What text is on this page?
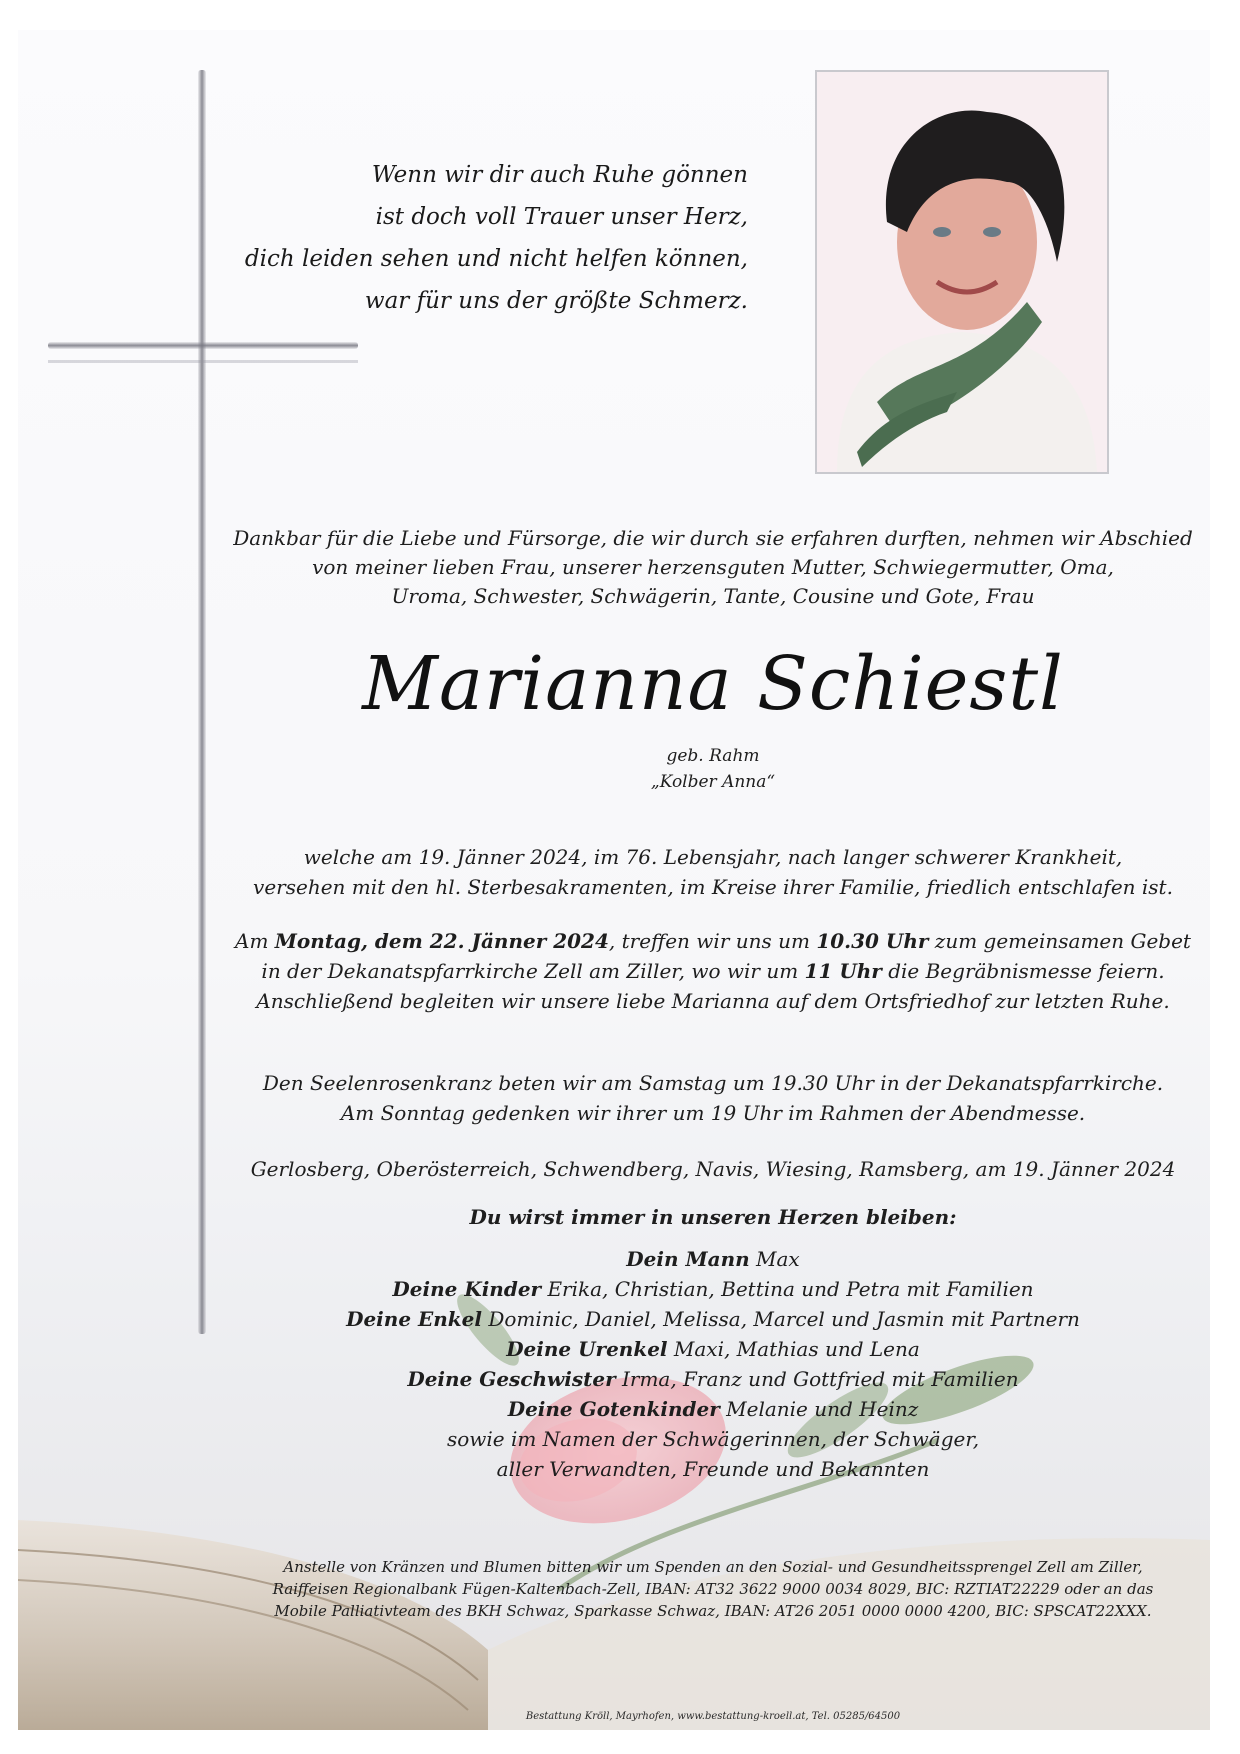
Wenn wir dir auch Ruhe gönnen
ist doch voll Trauer unser Herz,
dich leiden sehen und nicht helfen können,
war für uns der größte Schmerz.
Dankbar für die Liebe und Fürsorge, die wir durch sie erfahren durften, nehmen wir Abschied
von meiner lieben Frau, unserer herzensguten Mutter, Schwiegermutter, Oma,
Uroma, Schwester, Schwägerin, Tante, Cousine und Gote, Frau
Marianna Schiestl
geb. Rahm
„Kolber Anna“
welche am 19. Jänner 2024, im 76. Lebensjahr, nach langer schwerer Krankheit,
versehen mit den hl. Sterbesakramenten, im Kreise ihrer Familie, friedlich entschlafen ist.
Am Montag, dem 22. Jänner 2024, treffen wir uns um 10.30 Uhr zum gemeinsamen Gebet
in der Dekanatspfarrkirche Zell am Ziller, wo wir um 11 Uhr die Begräbnismesse feiern.
Anschließend begleiten wir unsere liebe Marianna auf dem Ortsfriedhof zur letzten Ruhe.
Den Seelenrosenkranz beten wir am Samstag um 19.30 Uhr in der Dekanatspfarrkirche.
Am Sonntag gedenken wir ihrer um 19 Uhr im Rahmen der Abendmesse.
Gerlosberg, Oberösterreich, Schwendberg, Navis, Wiesing, Ramsberg, am 19. Jänner 2024
Du wirst immer in unseren Herzen bleiben:
Dein Mann Max
Deine Kinder Erika, Christian, Bettina und Petra mit Familien
Deine Enkel Dominic, Daniel, Melissa, Marcel und Jasmin mit Partnern
Deine Urenkel Maxi, Mathias und Lena
Deine Geschwister Irma, Franz und Gottfried mit Familien
Deine Gotenkinder Melanie und Heinz
sowie im Namen der Schwägerinnen, der Schwäger,
aller Verwandten, Freunde und Bekannten
Anstelle von Kränzen und Blumen bitten wir um Spenden an den Sozial- und Gesundheitssprengel Zell am Ziller,
Raiffeisen Regionalbank Fügen-Kaltenbach-Zell, IBAN: AT32 3622 9000 0034 8029, BIC: RZTIAT22229 oder an das
Mobile Palliativteam des BKH Schwaz, Sparkasse Schwaz, IBAN: AT26 2051 0000 0000 4200, BIC: SPSCAT22XXX.
Bestattung Kröll, Mayrhofen, www.bestattung-kroell.at, Tel. 05285/64500
